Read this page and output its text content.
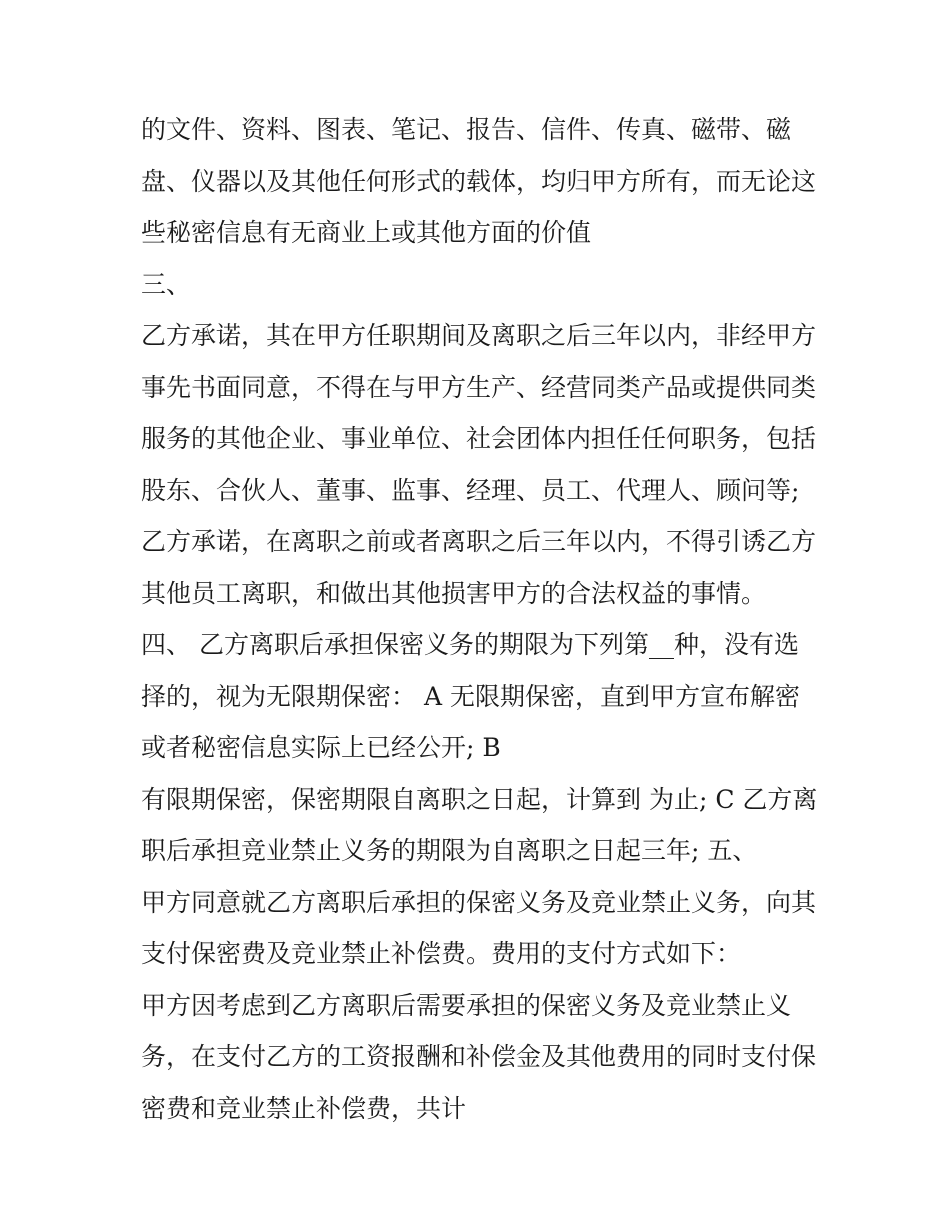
的文件、资料、图表、笔记、报告、信件、传真、磁带、磁
盘、仪器以及其他任何形式的载体，均归甲方所有，而无论这
些秘密信息有无商业上或其他方面的价值
三、
乙方承诺，其在甲方任职期间及离职之后三年以内，非经甲方
事先书面同意，不得在与甲方生产、经营同类产品或提供同类
服务的其他企业、事业单位、社会团体内担任任何职务，包括
股东、合伙人、董事、监事、经理、员工、代理人、顾问等;
乙方承诺，在离职之前或者离职之后三年以内，不得引诱乙方
其他员工离职，和做出其他损害甲方的合法权益的事情。
四、 乙方离职后承担保密义务的期限为下列第__种，没有选
择的，视为无限期保密： A 无限期保密，直到甲方宣布解密
或者秘密信息实际上已经公开; B
有限期保密，保密期限自离职之日起，计算到 为止; C 乙方离
职后承担竞业禁止义务的期限为自离职之日起三年; 五、
甲方同意就乙方离职后承担的保密义务及竞业禁止义务，向其
支付保密费及竞业禁止补偿费。费用的支付方式如下：
甲方因考虑到乙方离职后需要承担的保密义务及竞业禁止义
务，在支付乙方的工资报酬和补偿金及其他费用的同时支付保
密费和竞业禁止补偿费，共计
